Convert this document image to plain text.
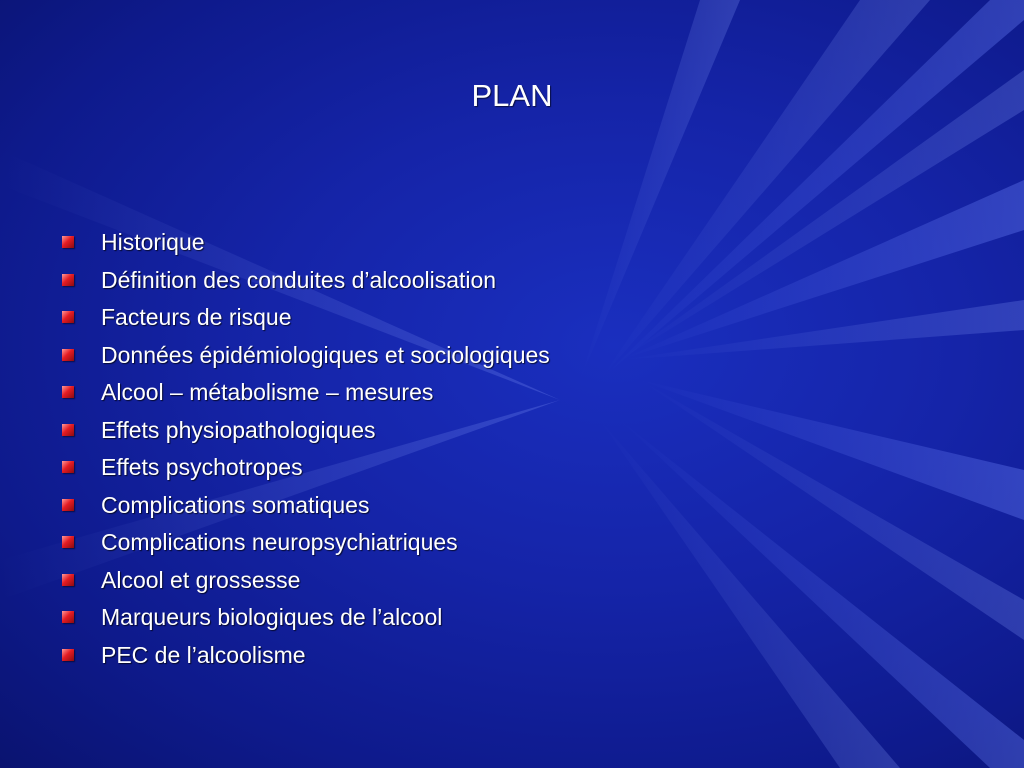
PLAN
Historique
Définition des conduites d’alcoolisation
Facteurs de risque
Données épidémiologiques et sociologiques
Alcool – métabolisme – mesures
Effets physiopathologiques
Effets psychotropes
Complications somatiques
Complications neuropsychiatriques
Alcool et grossesse
Marqueurs biologiques de l’alcool
PEC de l’alcoolisme
